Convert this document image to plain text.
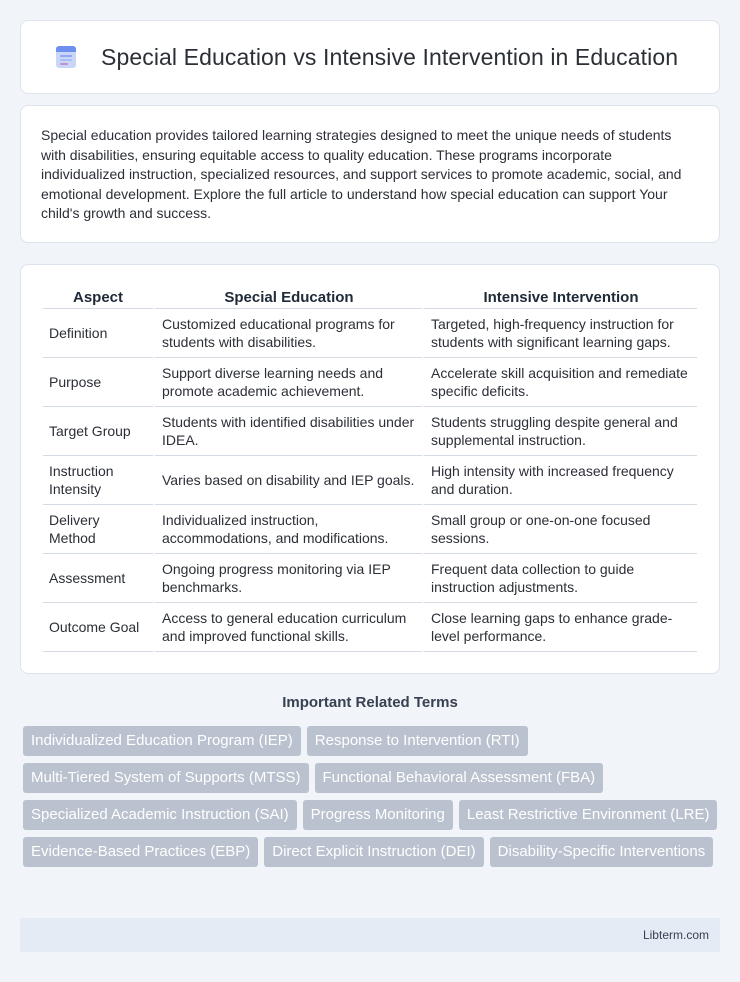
Special Education vs Intensive Intervention in Education

Special education provides tailored learning strategies designed to meet the unique needs of students with disabilities, ensuring equitable access to quality education. These programs incorporate individualized instruction, specialized resources, and support services to promote academic, social, and emotional development. Explore the full article to understand how special education can support Your child's growth and success.

Aspect	Special Education	Intensive Intervention
Definition	Customized educational programs for students with disabilities.	Targeted, high-frequency instruction for students with significant learning gaps.
Purpose	Support diverse learning needs and promote academic achievement.	Accelerate skill acquisition and remediate specific deficits.
Target Group	Students with identified disabilities under IDEA.	Students struggling despite general and supplemental instruction.
Instruction Intensity	Varies based on disability and IEP goals.	High intensity with increased frequency and duration.
Delivery Method	Individualized instruction, accommodations, and modifications.	Small group or one-on-one focused sessions.
Assessment	Ongoing progress monitoring via IEP benchmarks.	Frequent data collection to guide instruction adjustments.
Outcome Goal	Access to general education curriculum and improved functional skills.	Close learning gaps to enhance grade-level performance.
Important Related Terms
Individualized Education Program (IEP)	Response to Intervention (RTI)
Multi-Tiered System of Supports (MTSS)	Functional Behavioral Assessment (FBA)
Specialized Academic Instruction (SAI)	Progress Monitoring	Least Restrictive Environment (LRE)
Evidence-Based Practices (EBP)	Direct Explicit Instruction (DEI)	Disability-Specific Interventions
Libterm.com
